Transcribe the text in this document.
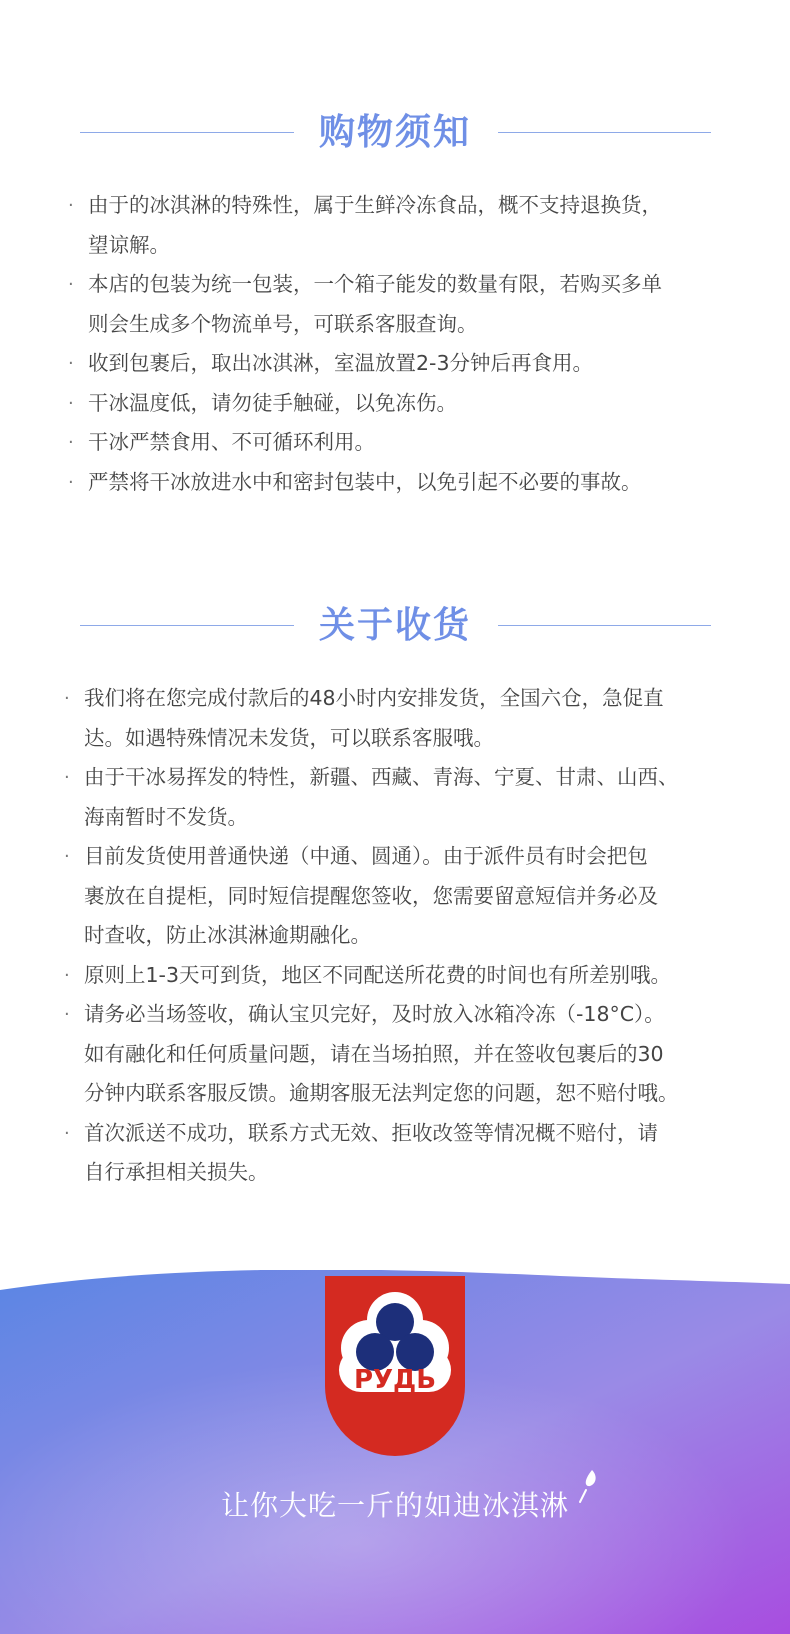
购物须知
· 由于的冰淇淋的特殊性，属于生鲜冷冻食品，概不支持退换货，
望谅解。
· 本店的包装为统一包装，一个箱子能发的数量有限，若购买多单
则会生成多个物流单号，可联系客服查询。
· 收到包裹后，取出冰淇淋，室温放置2-3分钟后再食用。
· 干冰温度低，请勿徒手触碰，以免冻伤。
· 干冰严禁食用、不可循环利用。
· 严禁将干冰放进水中和密封包装中，以免引起不必要的事故。
关于收货
· 我们将在您完成付款后的48小时内安排发货，全国六仓，急促直
达。如遇特殊情况未发货，可以联系客服哦。
· 由于干冰易挥发的特性，新疆、西藏、青海、宁夏、甘肃、山西、
海南暂时不发货。
· 目前发货使用普通快递（中通、圆通）。由于派件员有时会把包
裹放在自提柜，同时短信提醒您签收，您需要留意短信并务必及
时查收，防止冰淇淋逾期融化。
· 原则上1-3天可到货，地区不同配送所花费的时间也有所差别哦。
· 请务必当场签收，确认宝贝完好，及时放入冰箱冷冻（-18°C）。
如有融化和任何质量问题，请在当场拍照，并在签收包裹后的30
分钟内联系客服反馈。逾期客服无法判定您的问题，恕不赔付哦。
· 首次派送不成功，联系方式无效、拒收改签等情况概不赔付，请
自行承担相关损失。
РУДЬ
让你大吃一斤的如迪冰淇淋
